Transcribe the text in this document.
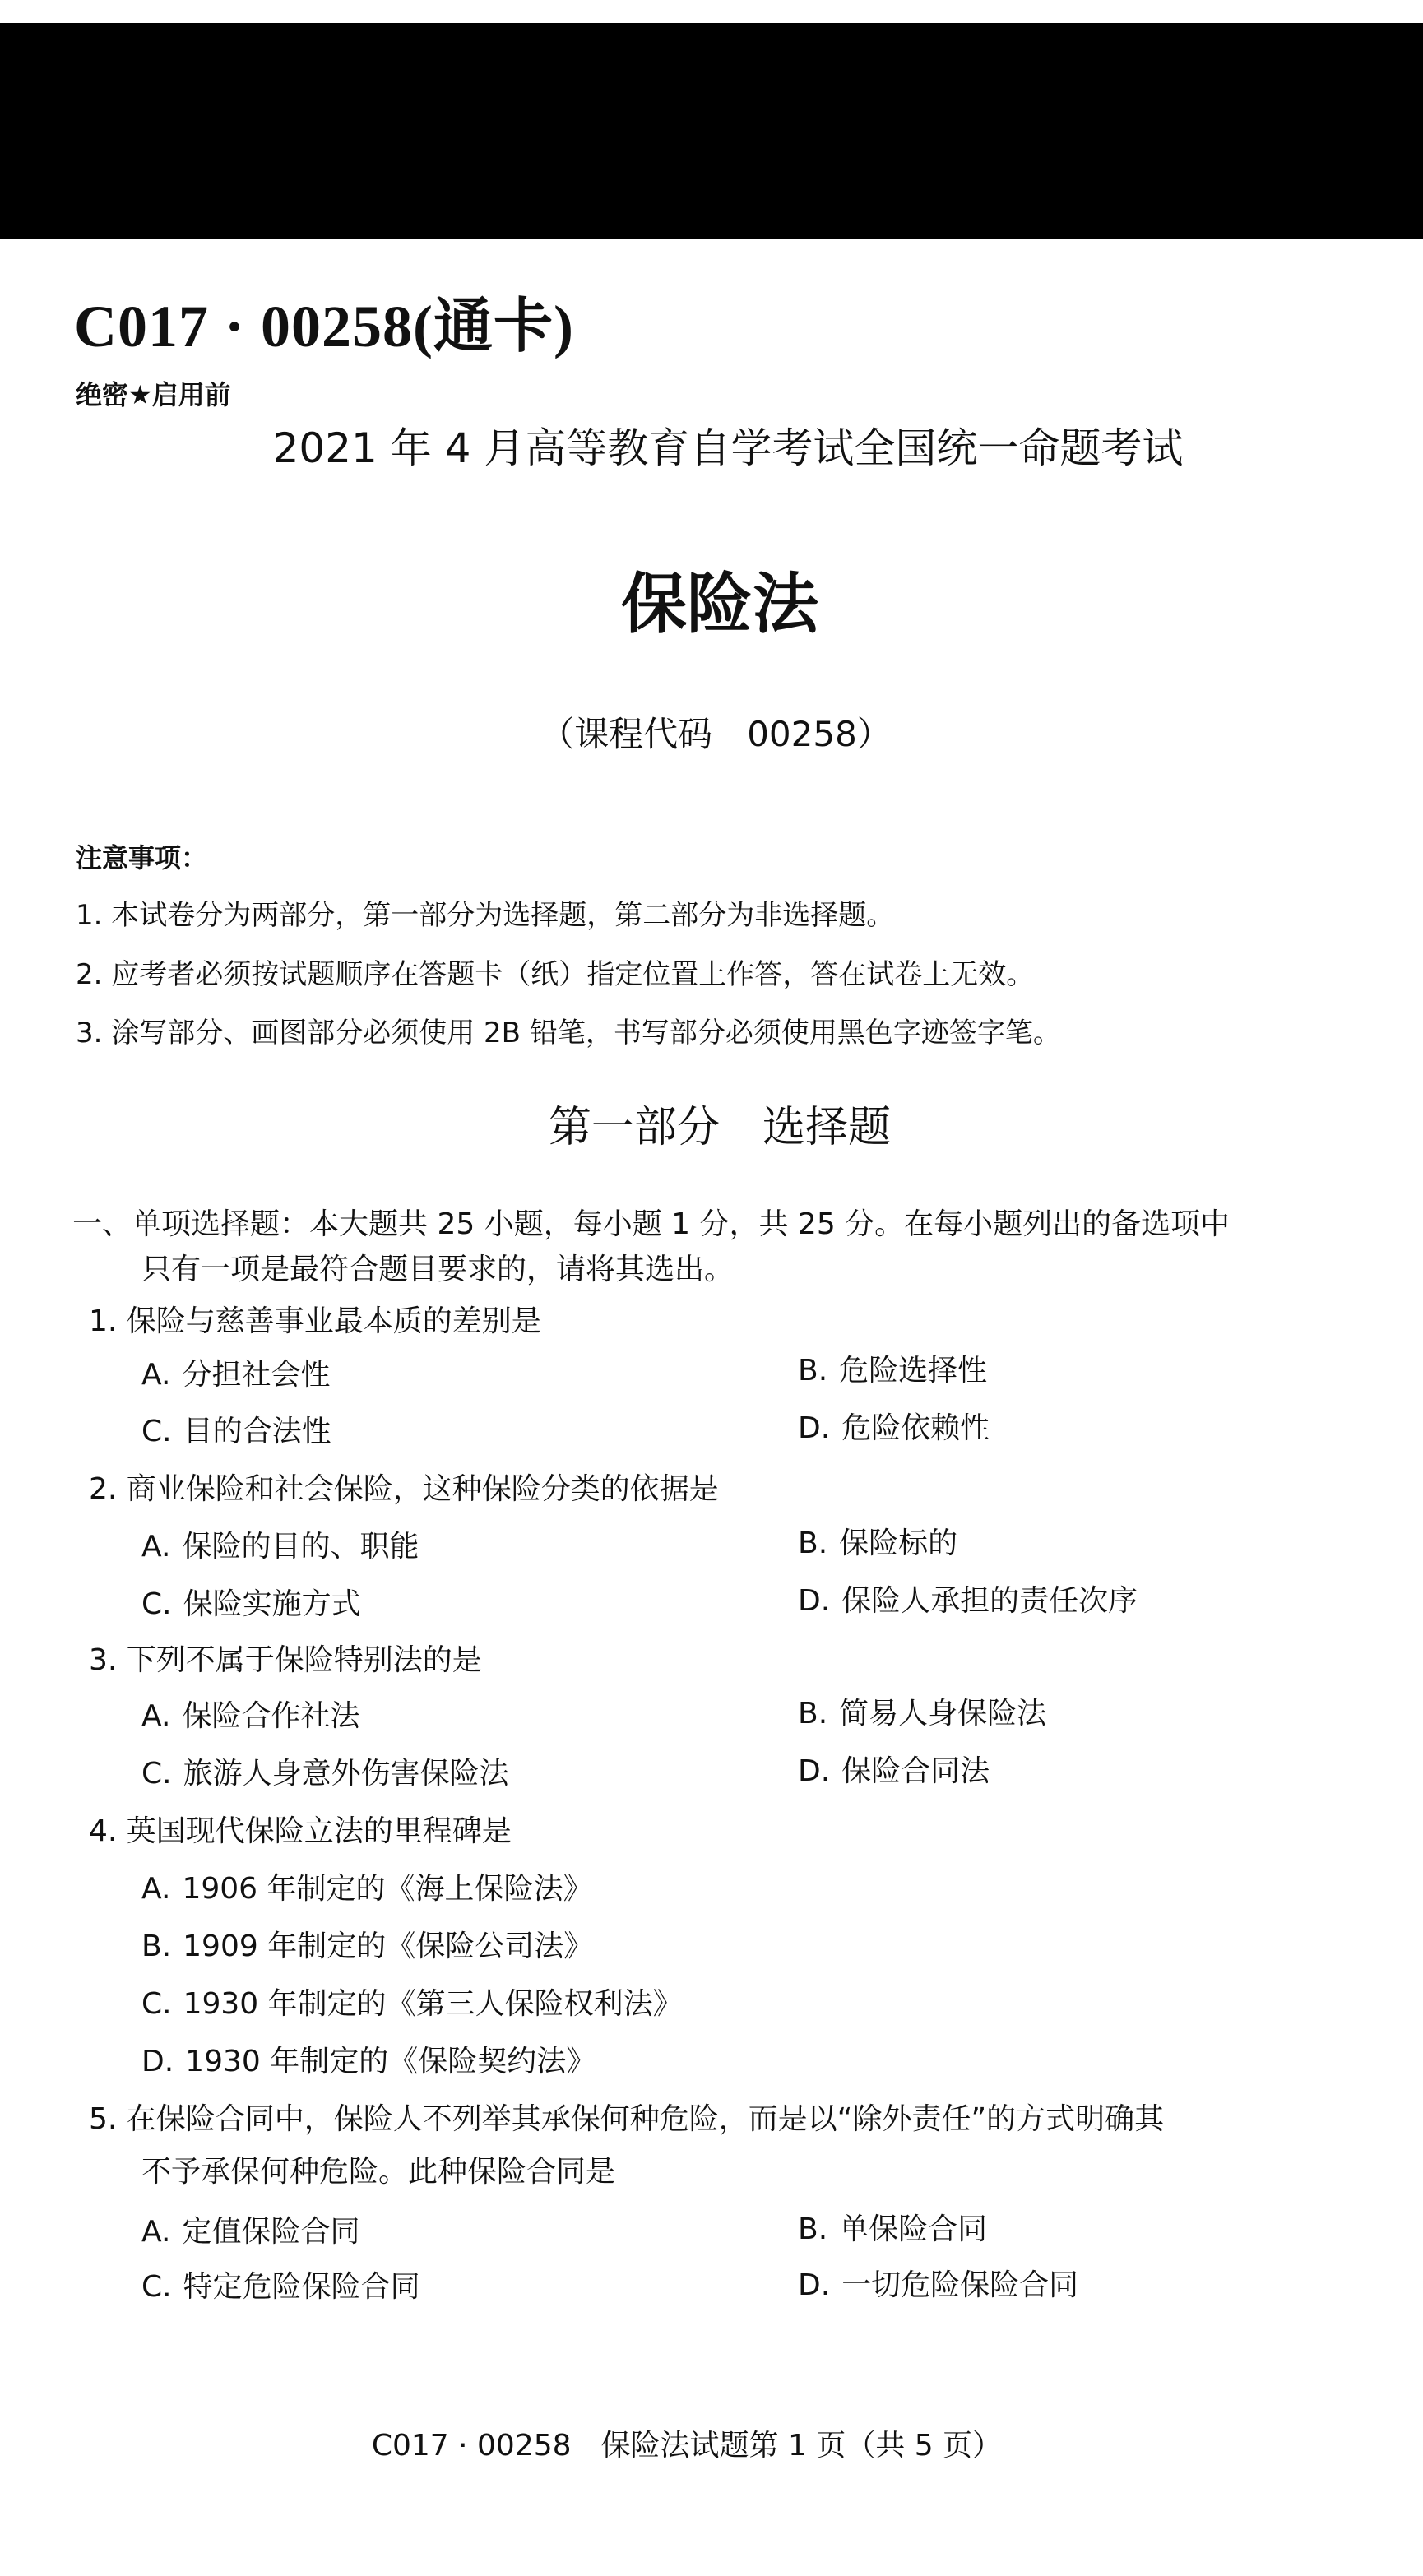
C017 · 00258(通卡)
绝密★启用前
2021 年 4 月高等教育自学考试全国统一命题考试
保险法
（课程代码　00258）
注意事项：
1. 本试卷分为两部分，第一部分为选择题，第二部分为非选择题。
2. 应考者必须按试题顺序在答题卡（纸）指定位置上作答，答在试卷上无效。
3. 涂写部分、画图部分必须使用 2B 铅笔，书写部分必须使用黑色字迹签字笔。
第一部分　选择题
一、单项选择题：本大题共 25 小题，每小题 1 分，共 25 分。在每小题列出的备选项中
只有一项是最符合题目要求的，请将其选出。
1. 保险与慈善事业最本质的差别是
A. 分担社会性	B. 危险选择性
C. 目的合法性	D. 危险依赖性
2. 商业保险和社会保险，这种保险分类的依据是
A. 保险的目的、职能	B. 保险标的
C. 保险实施方式	D. 保险人承担的责任次序
3. 下列不属于保险特别法的是
A. 保险合作社法	B. 简易人身保险法
C. 旅游人身意外伤害保险法	D. 保险合同法
4. 英国现代保险立法的里程碑是
A. 1906 年制定的《海上保险法》
B. 1909 年制定的《保险公司法》
C. 1930 年制定的《第三人保险权利法》
D. 1930 年制定的《保险契约法》
5. 在保险合同中，保险人不列举其承保何种危险，而是以“除外责任”的方式明确其
不予承保何种危险。此种保险合同是
A. 定值保险合同	B. 单保险合同
C. 特定危险保险合同	D. 一切危险保险合同
C017 · 00258　保险法试题第 1 页（共 5 页）
